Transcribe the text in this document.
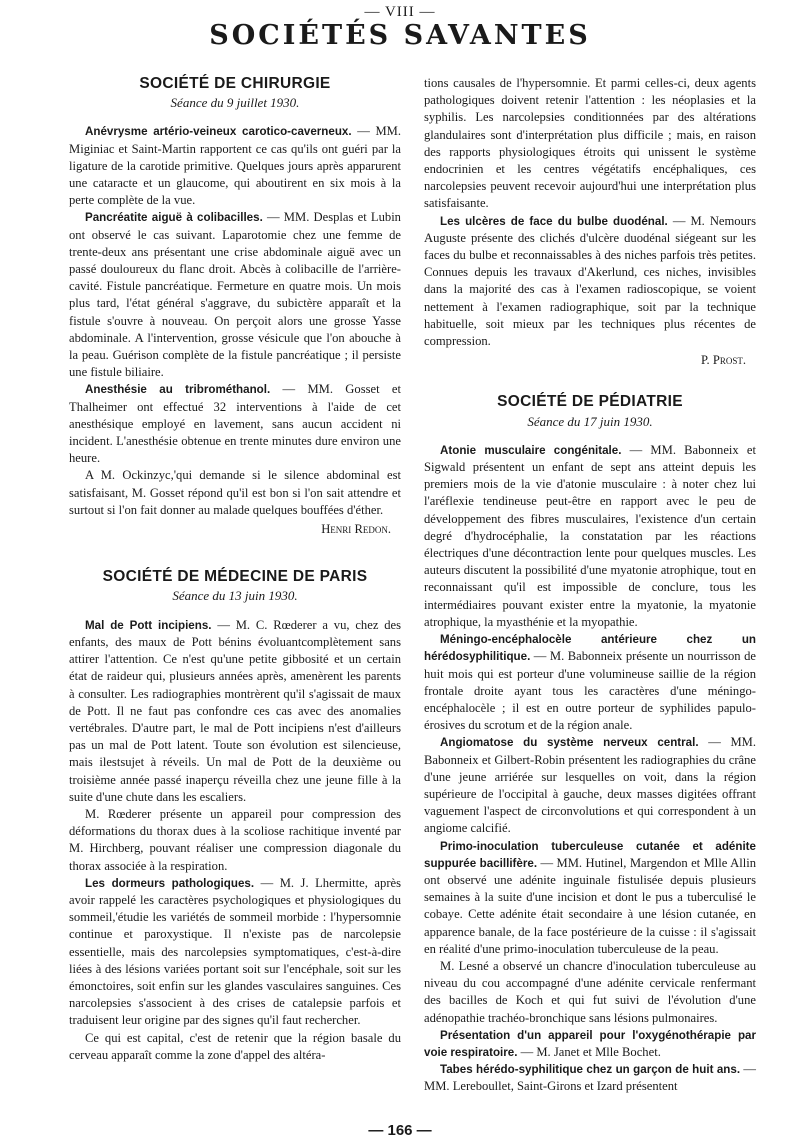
— VIII —
SOCIÉTÉS SAVANTES
SOCIÉTÉ DE CHIRURGIE
Séance du 9 juillet 1930.

Anévrysme artério-veineux carotico-caverneux. — MM. Miginiac et Saint-Martin rapportent ce cas qu'ils ont guéri par la ligature de la carotide primitive. Quelques jours après apparurent une cataracte et un glaucome, qui aboutirent en six mois à la perte complète de la vue.

Pancréatite aiguë à colibacilles. — MM. Desplas et Lubin ont observé le cas suivant. Laparotomie chez une femme de trente-deux ans présentant une crise abdominale aiguë avec un passé douloureux du flanc droit. Abcès à colibacille de l'arrière-cavité. Fistule pancréatique. Fermeture en quatre mois. Un mois plus tard, l'état général s'aggrave, du subictère apparaît et la fistule s'ouvre à nouveau. On perçoit alors une grosse Yasse abdominale. A l'intervention, grosse vésicule que l'on abouche à la peau. Guérison complète de la fistule pancréatique ; il persiste une fistule biliaire.

Anesthésie au tribrométhanol. — MM. Gosset et Thalheimer ont effectué 32 interventions à l'aide de cet anesthésique employé en lavement, sans aucun accident ni incident. L'anesthésie obtenue en trente minutes dure environ une heure.

A M. Ockinzyc,'qui demande si le silence abdominal est satisfaisant, M. Gosset répond qu'il est bon si l'on sait attendre et surtout si l'on fait donner au malade quelques bouffées d'éther.

Henri Redon.

SOCIÉTÉ DE MÉDECINE DE PARIS
Séance du 13 juin 1930.

Mal de Pott incipiens. — M. C. Rœderer a vu, chez des enfants, des maux de Pott bénins évoluantcomplètement sans attirer l'attention. Ce n'est qu'une petite gibbosité et un certain état de raideur qui, plusieurs années après, amenèrent les parents à consulter. Les radiographies montrèrent qu'il s'agissait de maux de Pott. Il ne faut pas confondre ces cas avec des anomalies vertébrales. D'autre part, le mal de Pott incipiens n'est d'ailleurs pas un mal de Pott latent. Toute son évolution est silencieuse, mais ilestsujet à réveils. Un mal de Pott de la deuxième ou troisième année passé inaperçu réveilla chez une jeune fille à la suite d'une chute dans les escaliers.

M. Rœderer présente un appareil pour compression des déformations du thorax dues à la scoliose rachitique inventé par M. Hirchberg, pouvant réaliser une compression diagonale du thorax associée à la respiration.

Les dormeurs pathologiques. — M. J. Lhermitte, après avoir rappelé les caractères psychologiques et physiologiques du sommeil,'étudie les variétés de sommeil morbide : l'hypersomnie continue et paroxystique. Il n'existe pas de narcolepsie essentielle, mais des narcolepsies symptomatiques, c'est-à-dire liées à des lésions variées portant soit sur l'encéphale, soit sur les émonctoires, soit enfin sur les glandes vasculaires sanguines. Ces narcolepsies s'associent à des crises de catalepsie parfois et traduisent leur origine par des signes qu'il faut rechercher.

Ce qui est capital, c'est de retenir que la région basale du cerveau apparaît comme la zone d'appel des altéra-

tions causales de l'hypersomnie. Et parmi celles-ci, deux agents pathologiques doivent retenir l'attention : les néoplasies et la syphilis. Les narcolepsies conditionnées par des altérations glandulaires sont d'interprétation plus difficile ; mais, en raison des rapports physiologiques étroits qui unissent le système endocrinien et les centres végétatifs encéphaliques, ces narcolepsies peuvent recevoir aujourd'hui une interprétation plus satisfaisante.

Les ulcères de face du bulbe duodénal. — M. Nemours Auguste présente des clichés d'ulcère duodénal siégeant sur les faces du bulbe et reconnaissables à des niches parfois très petites. Connues depuis les travaux d'Akerlund, ces niches, invisibles dans la majorité des cas à l'examen radioscopique, se voient nettement à l'examen radiographique, soit par la technique habituelle, soit mieux par les techniques plus récentes de compression.

P. Prost.

SOCIÉTÉ DE PÉDIATRIE
Séance du 17 juin 1930.

Atonie musculaire congénitale. — MM. Babonneix et Sigwald présentent un enfant de sept ans atteint depuis les premiers mois de la vie d'atonie musculaire : à noter chez lui l'aréflexie tendineuse peut-être en rapport avec le peu de développement des fibres musculaires, l'existence d'un certain degré d'hydrocéphalie, la constatation par les réactions électriques d'une décontraction lente pour quelques muscles. Les auteurs discutent la possibilité d'une myatonie atrophique, tout en reconnaissant qu'il est impossible de conclure, tous les intermédiaires pouvant exister entre la myatonie, la myatonie atrophique, la myasthénie et la myopathie.

Méningo-encéphalocèle antérieure chez un hérédosyphilitique. — M. Babonneix présente un nourrisson de huit mois qui est porteur d'une volumineuse saillie de la région frontale droite ayant tous les caractères d'une méningo-encéphalocèle ; il est en outre porteur de syphilides papulo-érosives du scrotum et de la région anale.

Angiomatose du système nerveux central. — MM. Babonneix et Gilbert-Robin présentent les radiographies du crâne d'une jeune arriérée sur lesquelles on voit, dans la région supérieure de l'occipital à gauche, deux masses digitées offrant vaguement l'aspect de circonvolutions et qui correspondent à un angiome calcifié.

Primo-inoculation tuberculeuse cutanée et adénite suppurée bacillifère. — MM. Hutinel, Margendon et Mlle Allin ont observé une adénite inguinale fistulisée depuis plusieurs semaines à la suite d'une incision et dont le pus a tuberculisé le cobaye. Cette adénite était secondaire à une lésion cutanée, en apparence banale, de la face postérieure de la cuisse : il s'agissait en réalité d'une primo-inoculation tuberculeuse de la peau.

M. Lesné a observé un chancre d'inoculation tuberculeuse au niveau du cou accompagné d'une adénite cervicale renfermant des bacilles de Koch et qui fut suivi de l'évolution d'une adénopathie trachéo-bronchique sans lésions pulmonaires.

Présentation d'un appareil pour l'oxygénothérapie par voie respiratoire. — M. Janet et Mlle Bochet.

Tabes hérédo-syphilitique chez un garçon de huit ans. — MM. Lereboullet, Saint-Girons et Izard présentent

— 166 —
